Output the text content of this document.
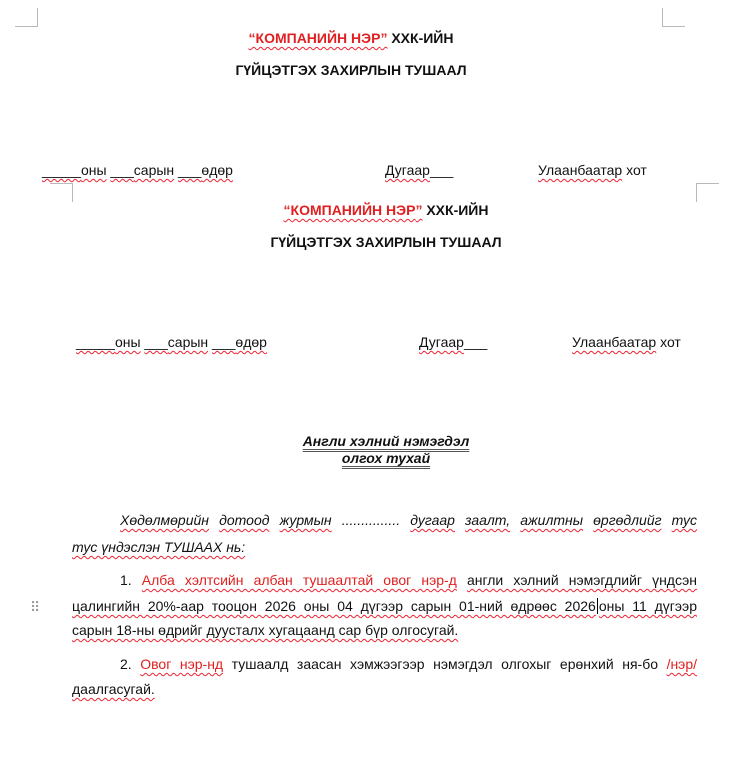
“КОМПАНИЙН НЭР” ХХК-ИЙН
ГҮЙЦЭТГЭХ ЗАХИРЛЫН ТУШААЛ
_____оны ___сарын ___өдөр	Дугаар___	Улаанбаатар хот
“КОМПАНИЙН НЭР” ХХК-ИЙН
ГҮЙЦЭТГЭХ ЗАХИРЛЫН ТУШААЛ
_____оны ___сарын ___өдөр	Дугаар___	Улаанбаатар хот
Англи хэлний нэмэгдэл
олгох тухай
Хөдөлмөрийн дотоод журмын ............... дугаар заалт, ажилтны өргөдлийг тус
тус үндэслэн ТУШААХ нь:
⠿
1. Алба хэлтсийн албан тушаалтай овог нэр-д англи хэлний нэмэгдлийг үндсэн
цалингийн 20%-аар тооцон 2026 оны 04 дүгээр сарын 01-ний өдрөөс 2026 оны 11 дүгээр
сарын 18-ны өдрийг дуусталх хугацаанд сар бүр олгосугай.
2. Овог нэр-нд тушаалд заасан хэмжээгээр нэмэгдэл олгохыг ерөнхий ня-бо /нэр/
даалгасугай.
